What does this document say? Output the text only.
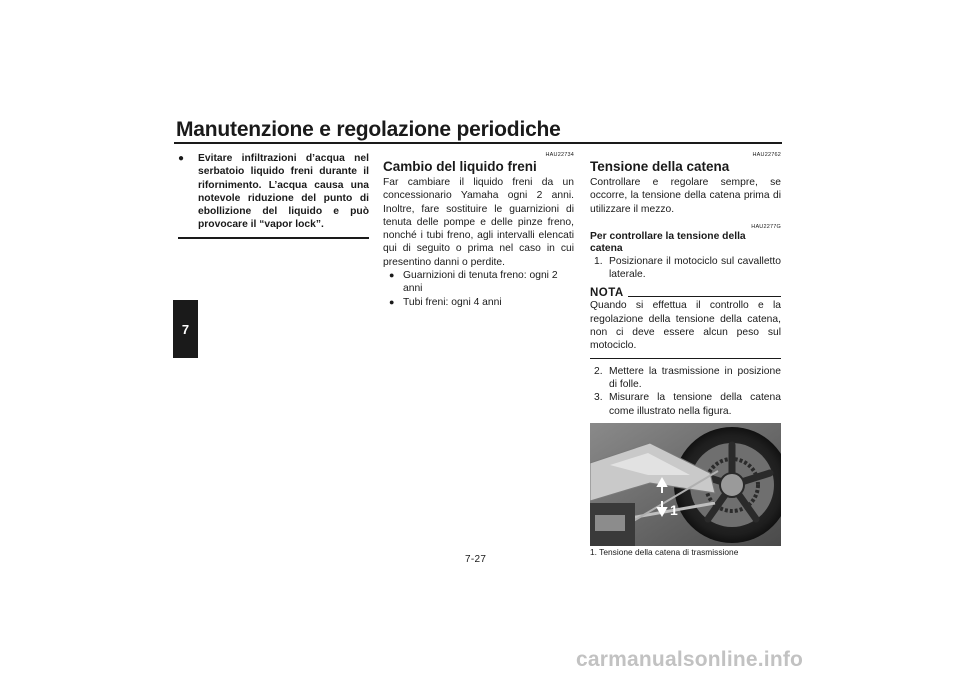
Manutenzione e regolazione periodiche
7
●	Evitare infiltrazioni d’acqua nel serbatoio liquido freni durante il rifornimento. L’acqua causa una notevole riduzione del punto di ebollizione del liquido e può provocare il “vapor lock”.
HAU22734
Cambio del liquido freni
Far cambiare il liquido freni da un concessionario Yamaha ogni 2 anni. Inoltre, fare sostituire le guarnizioni di tenuta delle pompe e delle pinze freno, nonché i tubi freno, agli intervalli elencati qui di seguito o prima nel caso in cui presentino danni o perdite.
● Guarnizioni di tenuta freno: ogni 2 anni
● Tubi freni: ogni 4 anni
HAU22762
Tensione della catena
Controllare e regolare sempre, se occorre, la tensione della catena prima di utilizzare il mezzo.
HAU2277G
Per controllare la tensione della catena
1. Posizionare il motociclo sul cavalletto laterale.
NOTA
Quando si effettua il controllo e la regolazione della tensione della catena, non ci deve essere alcun peso sul motociclo.
2. Mettere la trasmissione in posizione di folle.
3. Misurare la tensione della catena come illustrato nella figura.
1
1. Tensione della catena di trasmissione
7-27
carmanualsonline.info
